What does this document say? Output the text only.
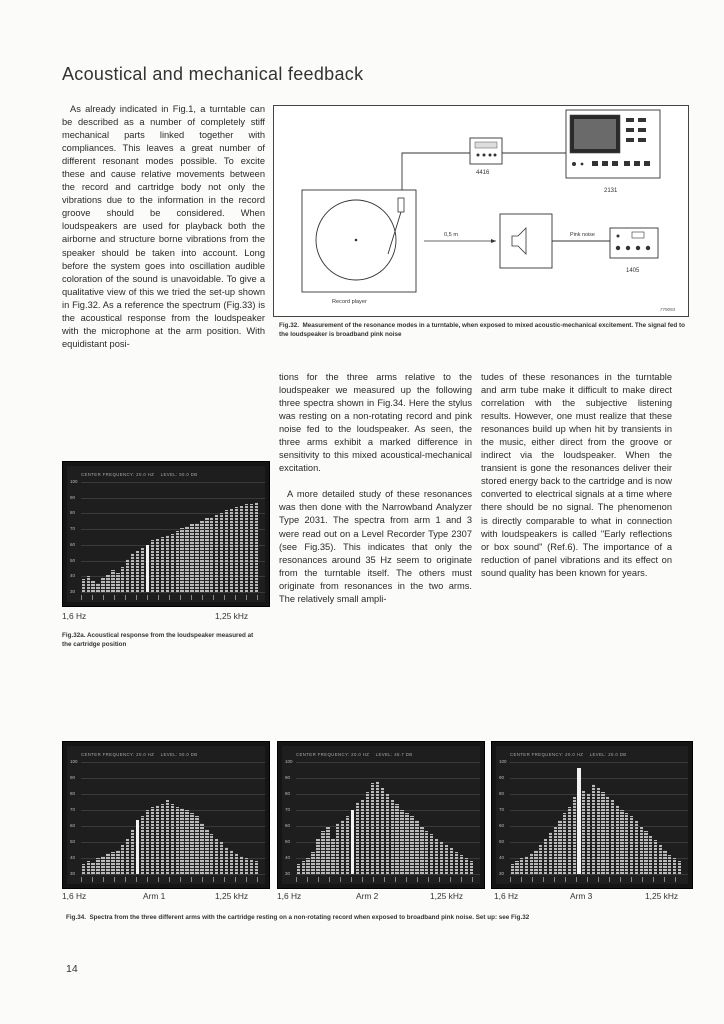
Acoustical and mechanical feedback

As already indicated in Fig.1, a turntable can be described as a number of completely stiff mechanical parts linked together with compliances. This leaves a great number of different resonant modes possible. To excite these and cause relative movements between the record and cartridge body not only the vibrations due to the information in the record groove should be considered. When loudspeakers are used for playback both the airborne and structure borne vibrations from the speaker should be taken into account. Long before the system goes into oscillation audible coloration of the sound is unavoidable. To give a qualitative view of this we tried the set-up shown in Fig.32. As a reference the spectrum (Fig.33) is the acoustical response from the loudspeaker with the microphone at the arm position. With equidistant posi-

4416
2131
Record player
0,5 m	Pink noise
1405
779093
Fig.32. Measurement of the resonance modes in a turntable, when exposed to mixed acoustic-mechanical excitement. The signal fed to the loudspeaker is broadband pink noise

tions for the three arms relative to the loudspeaker we measured up the following three spectra shown in Fig.34. Here the stylus was resting on a non-rotating record and pink noise fed to the loudspeaker. As seen, the three arms exhibit a marked difference in sensitivity to this mixed acoustical-mechanical excitation.

A more detailed study of these resonances was then done with the Narrowband Analyzer Type 2031. The spectra from arm 1 and 3 were read out on a Level Recorder Type 2307 (see Fig.35). This indicates that only the resonances around 35 Hz seem to originate from the turntable itself. The others must originate from resonances in the two arms. The relatively small ampli-

tudes of these resonances in the turntable and arm tube make it difficult to make direct correlation with the subjective listening results. However, one must realize that these resonances build up when hit by transients in the music, either direct from the groove or indirect via the loudspeaker. When the transient is gone the resonances deliver their stored energy back to the cartridge and is now converted to electrical signals at a time where there should be no signal. The phenomenon is directly comparable to what in connection with loudspeakers is called "Early reflections or box sound" (Ref.6). The importance of a reduction of panel vibrations and its effect on sound quality has been known for years.

CENTER FREQUENCY: 20.0 HZ LEVEL: 50.0 DB
100
90
80
70
60
50
40
30
1,6 Hz	1,25 kHz
Fig.32a. Acoustical response from the loudspeaker measured at the cartridge position
CENTER FREQUENCY: 20.0 HZ LEVEL: 50.0 DB
100
90
80
70
60
50
40
30
CENTER FREQUENCY: 20.0 HZ LEVEL: 45.7 DB
100
90
80
70
60
50
40
30
CENTER FREQUENCY: 20.0 HZ LEVEL: 20.0 DB
100
90
80
70
60
50
40
30
1,6 Hz	Arm 1	1,25 kHz	1,6 Hz	Arm 2	1,25 kHz	1,6 Hz	Arm 3	1,25 kHz
Fig.34. Spectra from the three different arms with the cartridge resting on a non-rotating record when exposed to broadband pink noise. Set up: see Fig.32
14
